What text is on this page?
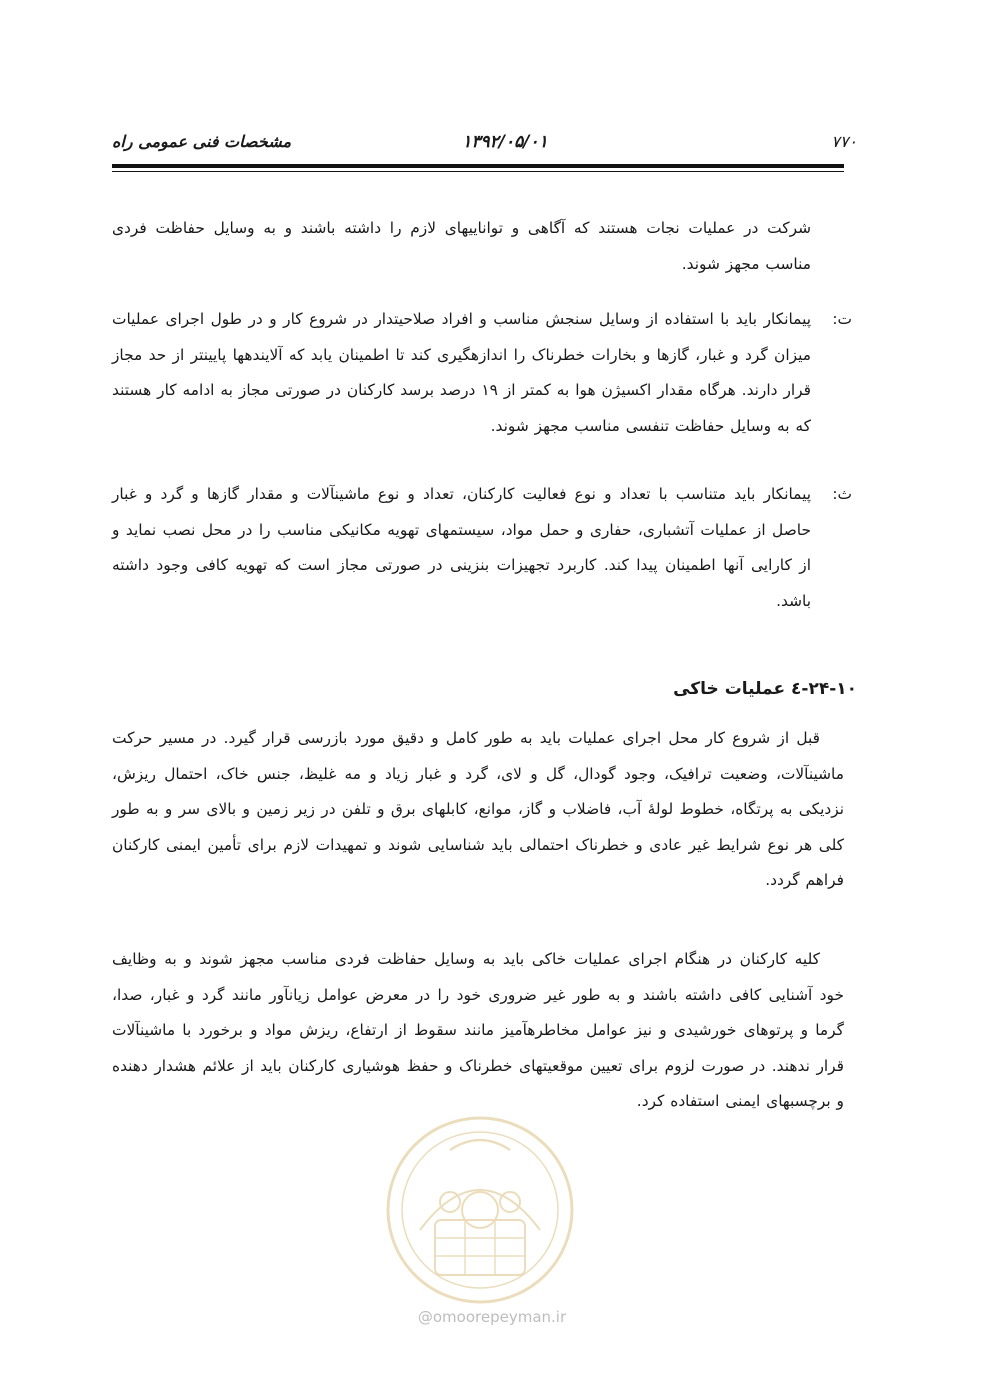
مشخصات فنی عمومی راه	۱۳۹۲/۰۵/۰۱	۷۷۰
شرکت در عملیات نجات هستند که آگاهی و تواناییهای لازم را داشته باشند و به وسایل حفاظت فردی مناسب مجهز شوند.
ت:
پیمانکار باید با استفاده از وسایل سنجش مناسب و افراد صلاحیتدار در شروع کار و در طول اجرای عملیات میزان گرد و غبار، گازها و بخارات خطرناک را اندازهگیری کند تا اطمینان یابد که آلایندهها پایینتر از حد مجاز قرار دارند. هرگاه مقدار اکسیژن هوا به کمتر از ۱۹ درصد برسد کارکنان در صورتی مجاز به ادامه کار هستند که به وسایل حفاظت تنفسی مناسب مجهز شوند.
ث:
پیمانکار باید متناسب با تعداد و نوع فعالیت کارکنان، تعداد و نوع ماشینآلات و مقدار گازها و گرد و غبار حاصل از عملیات آتشباری، حفاری و حمل مواد، سیستمهای تهویه مکانیکی مناسب را در محل نصب نماید و از کارایی آنها اطمینان پیدا کند. کاربرد تجهیزات بنزینی در صورتی مجاز است که تهویه کافی وجود داشته باشد.
۲۴-۱۰-٤ عملیات خاکی
قبل از شروع کار محل اجرای عملیات باید به طور کامل و دقیق مورد بازرسی قرار گیرد. در مسیر حرکت ماشینآلات، وضعیت ترافیک، وجود گودال، گل و لای، گرد و غبار زیاد و مه غلیظ، جنس خاک، احتمال ریزش، نزدیکی به پرتگاه، خطوط لولهٔ آب، فاضلاب و گاز، موانع، کابلهای برق و تلفن در زیر زمین و بالای سر و به طور کلی هر نوع شرایط غیر عادی و خطرناک احتمالی باید شناسایی شوند و تمهیدات لازم برای تأمین ایمنی کارکنان فراهم گردد.
کلیه کارکنان در هنگام اجرای عملیات خاکی باید به وسایل حفاظت فردی مناسب مجهز شوند و به وظایف خود آشنایی کافی داشته باشند و به طور غیر ضروری خود را در معرض عوامل زیانآور مانند گرد و غبار، صدا، گرما و پرتوهای خورشیدی و نیز عوامل مخاطرهآمیز مانند سقوط از ارتفاع، ریزش مواد و برخورد با ماشینآلات قرار ندهند. در صورت لزوم برای تعیین موقعیتهای خطرناک و حفظ هوشیاری کارکنان باید از علائم هشدار دهنده و برچسبهای ایمنی استفاده کرد.
@omoorepeyman.ir
